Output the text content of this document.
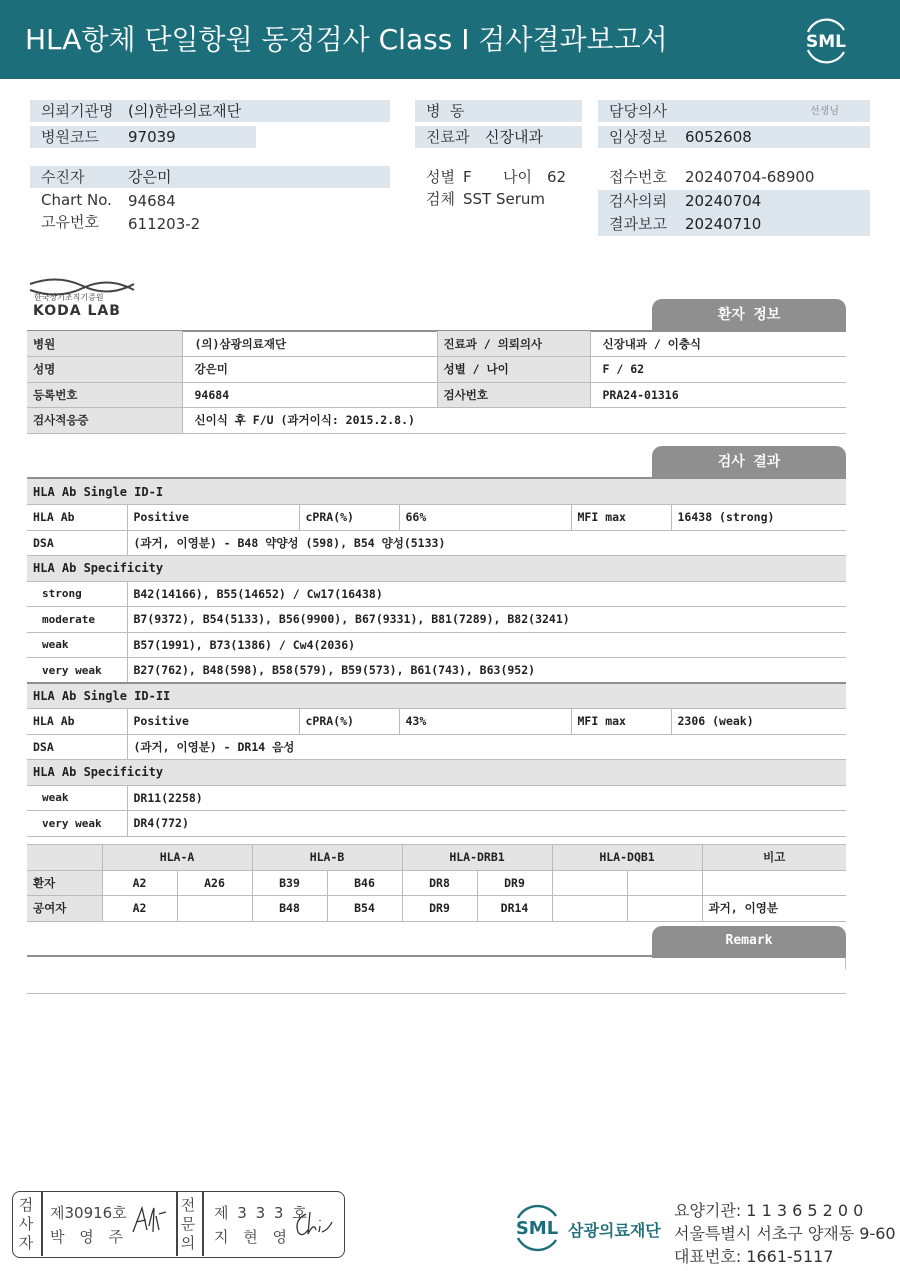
HLA항체 단일항원 동정검사 Class I 검사결과보고서	SML
의뢰기관명 (의)한라의료재단
병원코드 97039
병  동
진료과 신장내과
담당의사	선생님
임상정보 6052608
수진자	강은미
Chart No. 94684
고유번호 611203-2
성별 F 나이 62
검체 SST Serum
접수번호 20240704-68900
검사의뢰 20240704
결과보고 20240710
한국장기조직기증원
KODA LAB	환자 정보
병원	(의)삼광의료재단	진료과 / 의뢰의사	신장내과 / 이충식
성명	강은미	성별 / 나이	F / 62
등록번호	94684	검사번호	PRA24-01316
검사적응증	신이식 후 F/U (과거이식: 2015.2.8.)		
검사 결과
HLA Ab Single ID-I					
HLA Ab	Positive	cPRA(%)	66%	MFI max	16438 (strong)
DSA	(과거, 이영분) - B48 약양성 (598), B54 양성(5133)				
HLA Ab Specificity					
strong	B42(14166), B55(14652) / Cw17(16438)				
moderate	B7(9372), B54(5133), B56(9900), B67(9331), B81(7289), B82(3241)				
weak	B57(1991), B73(1386) / Cw4(2036)				
very weak	B27(762), B48(598), B58(579), B59(573), B61(743), B63(952)				
HLA Ab Single ID-II					
HLA Ab	Positive	cPRA(%)	43%	MFI max	2306 (weak)
DSA	(과거, 이영분) - DR14 음성				
HLA Ab Specificity					
weak	DR11(2258)				
very weak	DR4(772)				
	HLA-A		HLA-B		HLA-DRB1		HLA-DQB1		비고
환자	A2	A26	B39	B46	DR8	DR9			
공여자	A2		B48	B54	DR9	DR14			과거, 이영분
Remark
검
사
자
제30916호
박 영 주
전
문
의
제 3 3 3 호
지 현 영	SML 삼광의료재단
요양기관: 1 1 3 6 5 2 0 0
서울특별시 서초구 양재동 9-60
대표번호: 1661-5117
